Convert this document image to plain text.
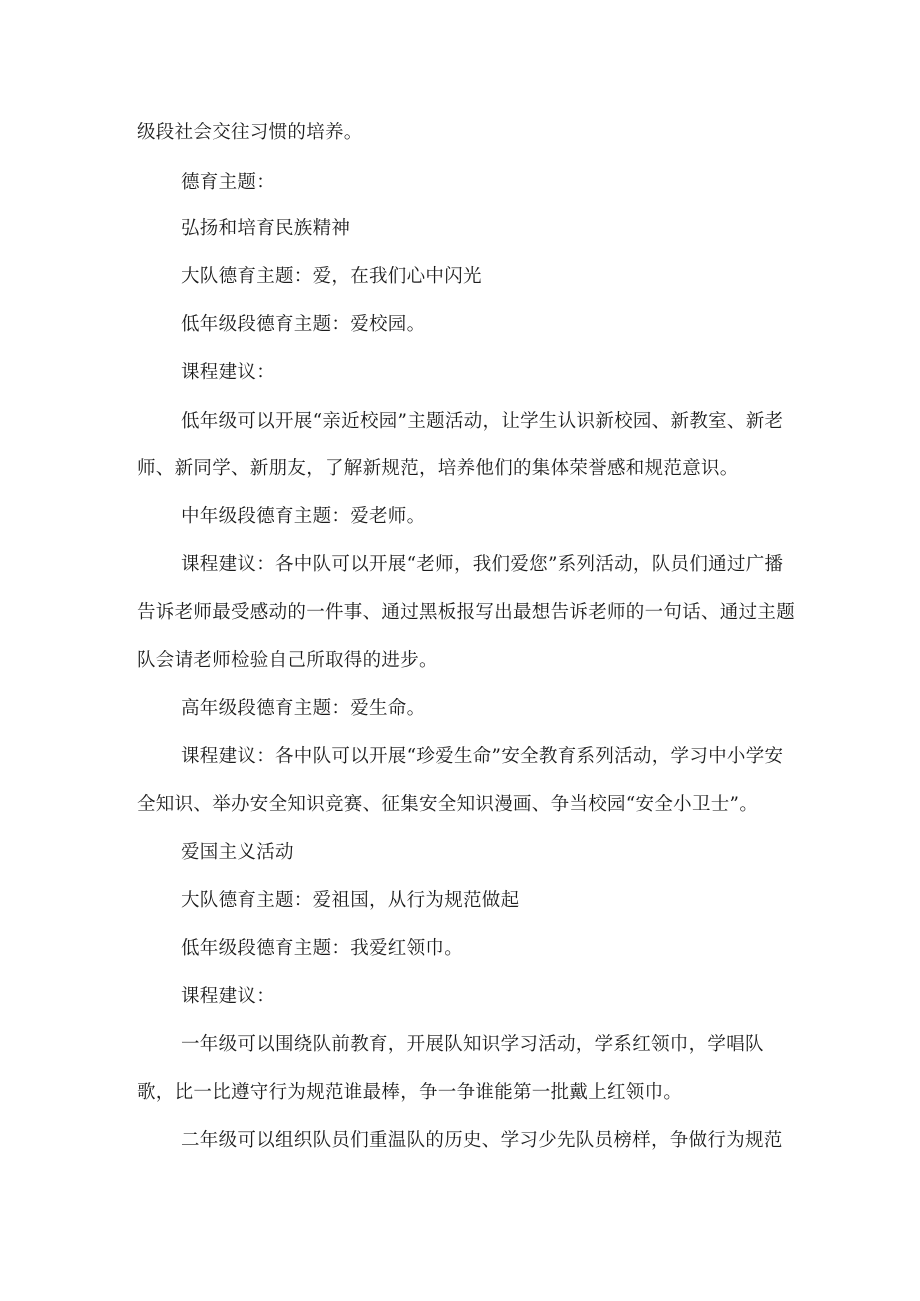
级段社会交往习惯的培养。

德育主题：

弘扬和培育民族精神

大队德育主题：爱，在我们心中闪光

低年级段德育主题：爱校园。

课程建议：

低年级可以开展“亲近校园”主题活动，让学生认识新校园、新教室、新老

师、新同学、新朋友，了解新规范，培养他们的集体荣誉感和规范意识。

中年级段德育主题：爱老师。

课程建议：各中队可以开展“老师，我们爱您”系列活动，队员们通过广播

告诉老师最受感动的一件事、通过黑板报写出最想告诉老师的一句话、通过主题

队会请老师检验自己所取得的进步。

高年级段德育主题：爱生命。

课程建议：各中队可以开展“珍爱生命”安全教育系列活动，学习中小学安

全知识、举办安全知识竞赛、征集安全知识漫画、争当校园“安全小卫士”。

爱国主义活动

大队德育主题：爱祖国，从行为规范做起

低年级段德育主题：我爱红领巾。

课程建议：

一年级可以围绕队前教育，开展队知识学习活动，学系红领巾，学唱队

歌，比一比遵守行为规范谁最棒，争一争谁能第一批戴上红领巾。

二年级可以组织队员们重温队的历史、学习少先队员榜样，争做行为规范
